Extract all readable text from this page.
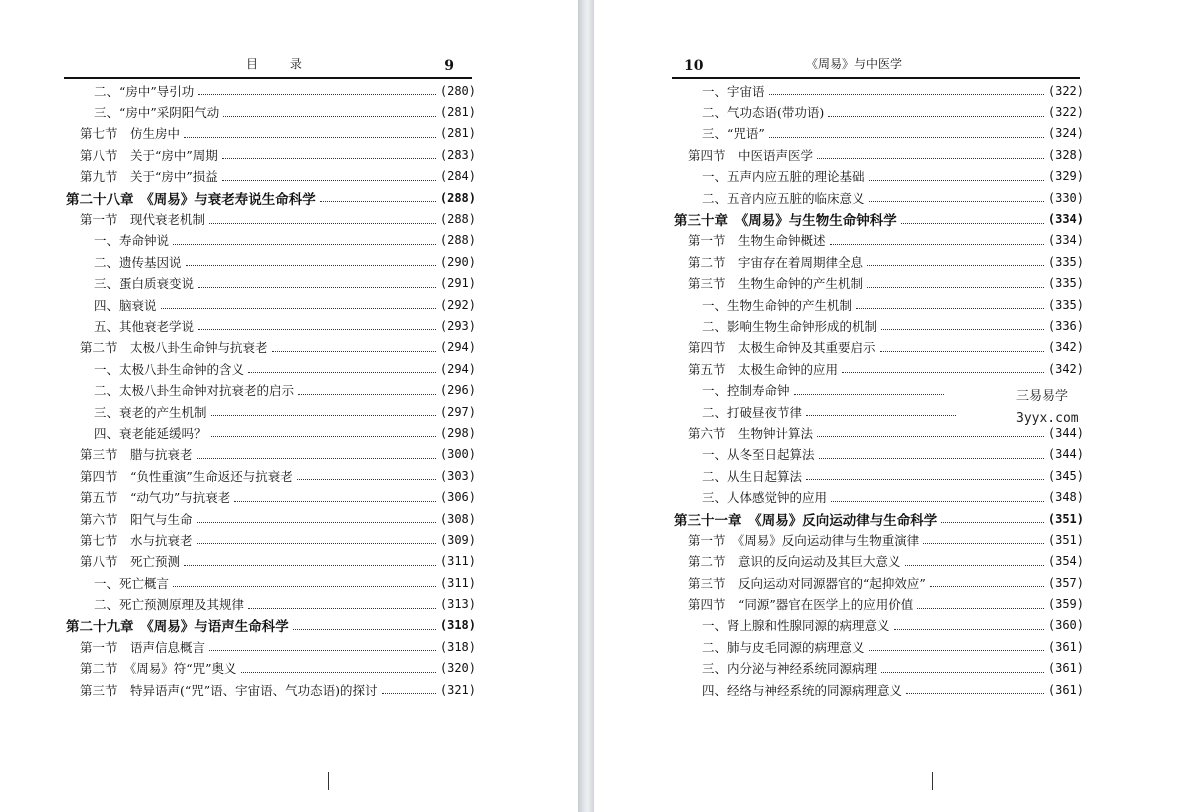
目 录	9
二、“房中”导引功	(280)
三、“房中”采阴阳气动	(281)
第七节　仿生房中	(281)
第八节　关于“房中”周期	(283)
第九节　关于“房中”损益	(284)
第二十八章　《周易》与衰老寿说生命科学	(288)
第一节　现代衰老机制	(288)
一、寿命钟说	(288)
二、遗传基因说	(290)
三、蛋白质衰变说	(291)
四、脑衰说	(292)
五、其他衰老学说	(293)
第二节　太极八卦生命钟与抗衰老	(294)
一、太极八卦生命钟的含义	(294)
二、太极八卦生命钟对抗衰老的启示	(296)
三、衰老的产生机制	(297)
四、衰老能延缓吗？	(298)
第三节　腊与抗衰老	(300)
第四节　“负性重演”生命返还与抗衰老	(303)
第五节　“动气功”与抗衰老	(306)
第六节　阳气与生命	(308)
第七节　水与抗衰老	(309)
第八节　死亡预测	(311)
一、死亡概言	(311)
二、死亡预测原理及其规律	(313)
第二十九章　《周易》与语声生命科学	(318)
第一节　语声信息概言	(318)
第二节　《周易》符“咒”奥义	(320)
第三节　特异语声(“咒”语、宇宙语、气功态语)的探讨	(321)
10	《周易》与中医学
一、宇宙语	(322)
二、气功态语(带功语)	(322)
三、“咒语”	(324)
第四节　中医语声医学	(328)
一、五声内应五脏的理论基础	(329)
二、五音内应五脏的临床意义	(330)
第三十章　《周易》与生物生命钟科学	(334)
第一节　生物生命钟概述	(334)
第二节　宇宙存在着周期律全息	(335)
第三节　生物生命钟的产生机制	(335)
一、生物生命钟的产生机制	(335)
二、影响生物生命钟形成的机制	(336)
第四节　太极生命钟及其重要启示	(342)
第五节　太极生命钟的应用	(342)
一、控制寿命钟
二、打破昼夜节律
第六节　生物钟计算法	(344)
一、从冬至日起算法	(344)
二、从生日起算法	(345)
三、人体感觉钟的应用	(348)
第三十一章　《周易》反向运动律与生命科学	(351)
第一节　《周易》反向运动律与生物重演律	(351)
第二节　意识的反向运动及其巨大意义	(354)
第三节　反向运动对同源器官的“起抑效应”	(357)
第四节　“同源”器官在医学上的应用价值	(359)
一、肾上腺和性腺同源的病理意义	(360)
二、肺与皮毛同源的病理意义	(361)
三、内分泌与神经系统同源病理	(361)
四、经络与神经系统的同源病理意义	(361)
三易易学
3yyx.com
